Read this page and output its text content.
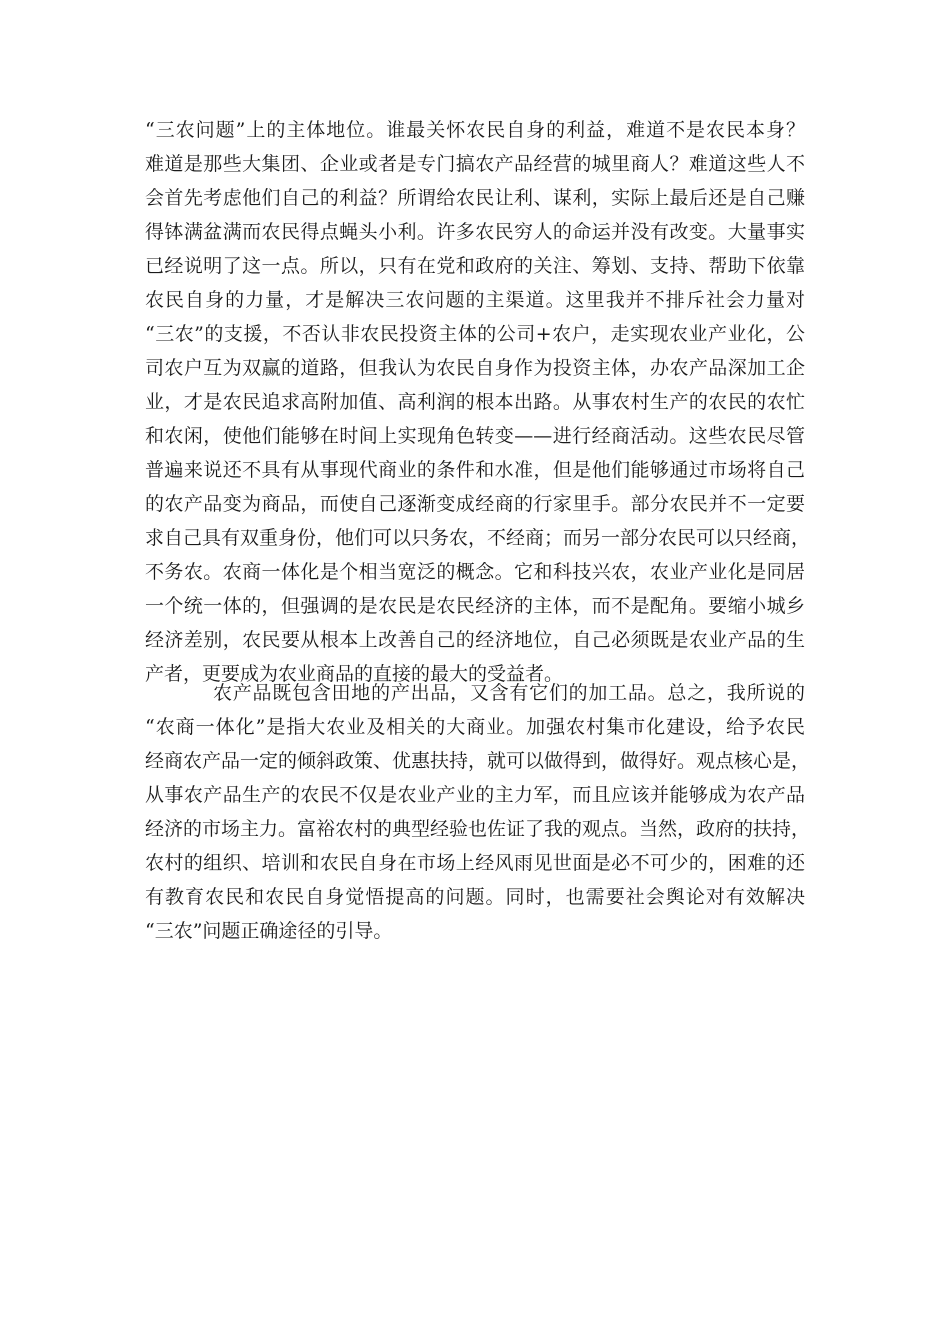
“三农问题”上的主体地位。谁最关怀农民自身的利益，难道不是农民本身？
难道是那些大集团、企业或者是专门搞农产品经营的城里商人？难道这些人不
会首先考虑他们自己的利益？所谓给农民让利、谋利，实际上最后还是自己赚
得钵满盆满而农民得点蝇头小利。许多农民穷人的命运并没有改变。大量事实
已经说明了这一点。所以，只有在党和政府的关注、筹划、支持、帮助下依靠
农民自身的力量，才是解决三农问题的主渠道。这里我并不排斥社会力量对
“三农”的支援，不否认非农民投资主体的公司+农户，走实现农业产业化，公
司农户互为双赢的道路，但我认为农民自身作为投资主体，办农产品深加工企
业，才是农民追求高附加值、高利润的根本出路。从事农村生产的农民的农忙
和农闲，使他们能够在时间上实现角色转变——进行经商活动。这些农民尽管
普遍来说还不具有从事现代商业的条件和水准，但是他们能够通过市场将自己
的农产品变为商品，而使自己逐渐变成经商的行家里手。部分农民并不一定要
求自己具有双重身份，他们可以只务农，不经商；而另一部分农民可以只经商，
不务农。农商一体化是个相当宽泛的概念。它和科技兴农，农业产业化是同居
一个统一体的，但强调的是农民是农民经济的主体，而不是配角。要缩小城乡
经济差别，农民要从根本上改善自己的经济地位，自己必须既是农业产品的生
产者，更要成为农业商品的直接的最大的受益者。
农产品既包含田地的产出品，又含有它们的加工品。总之，我所说的
“农商一体化”是指大农业及相关的大商业。加强农村集市化建设，给予农民
经商农产品一定的倾斜政策、优惠扶持，就可以做得到，做得好。观点核心是，
从事农产品生产的农民不仅是农业产业的主力军，而且应该并能够成为农产品
经济的市场主力。富裕农村的典型经验也佐证了我的观点。当然，政府的扶持，
农村的组织、培训和农民自身在市场上经风雨见世面是必不可少的，困难的还
有教育农民和农民自身觉悟提高的问题。同时，也需要社会舆论对有效解决
“三农”问题正确途径的引导。
